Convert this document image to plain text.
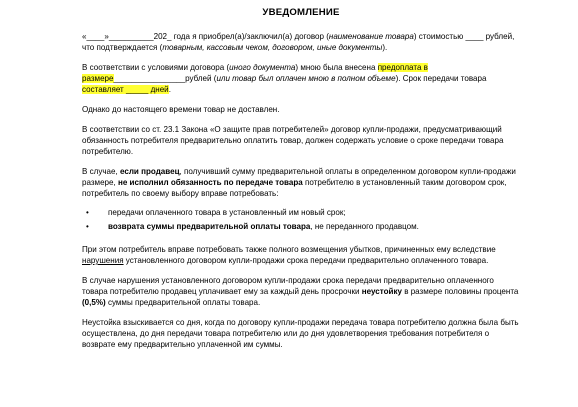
УВЕДОМЛЕНИЕ

«____»__________202_ года я приобрел(а)/заключил(а) договор (наименование товара) стоимостью ____ рублей, что подтверждается (товарным, кассовым чеком, договором, иные документы).

В соответствии с условиями договора (иного документа) мною была внесена предоплата в размере________________рублей (или товар был оплачен мною в полном объеме). Срок передачи товара составляет _____ дней.

Однако до настоящего времени товар не доставлен.

В соответствии со ст. 23.1 Закона «О защите прав потребителей» договор купли-продажи, предусматривающий обязанность потребителя предварительно оплатить товар, должен содержать условие о сроке передачи товара потребителю.

В случае, если продавец, получивший сумму предварительной оплаты в определенном договором купли-продажи размере, не исполнил обязанность по передаче товара потребителю в установленный таким договором срок, потребитель по своему выбору вправе потребовать:

• передачи оплаченного товара в установленный им новый срок;
• возврата суммы предварительной оплаты товара, не переданного продавцом.

При этом потребитель вправе потребовать также полного возмещения убытков, причиненных ему вследствие нарушения установленного договором купли-продажи срока передачи предварительно оплаченного товара.

В случае нарушения установленного договором купли-продажи срока передачи предварительно оплаченного товара потребителю продавец уплачивает ему за каждый день просрочки неустойку в размере половины процента (0,5%) суммы предварительной оплаты товара.

Неустойка взыскивается со дня, когда по договору купли-продажи передача товара потребителю должна была быть осуществлена, до дня передачи товара потребителю или до дня удовлетворения требования потребителя о возврате ему предварительно уплаченной им суммы.
